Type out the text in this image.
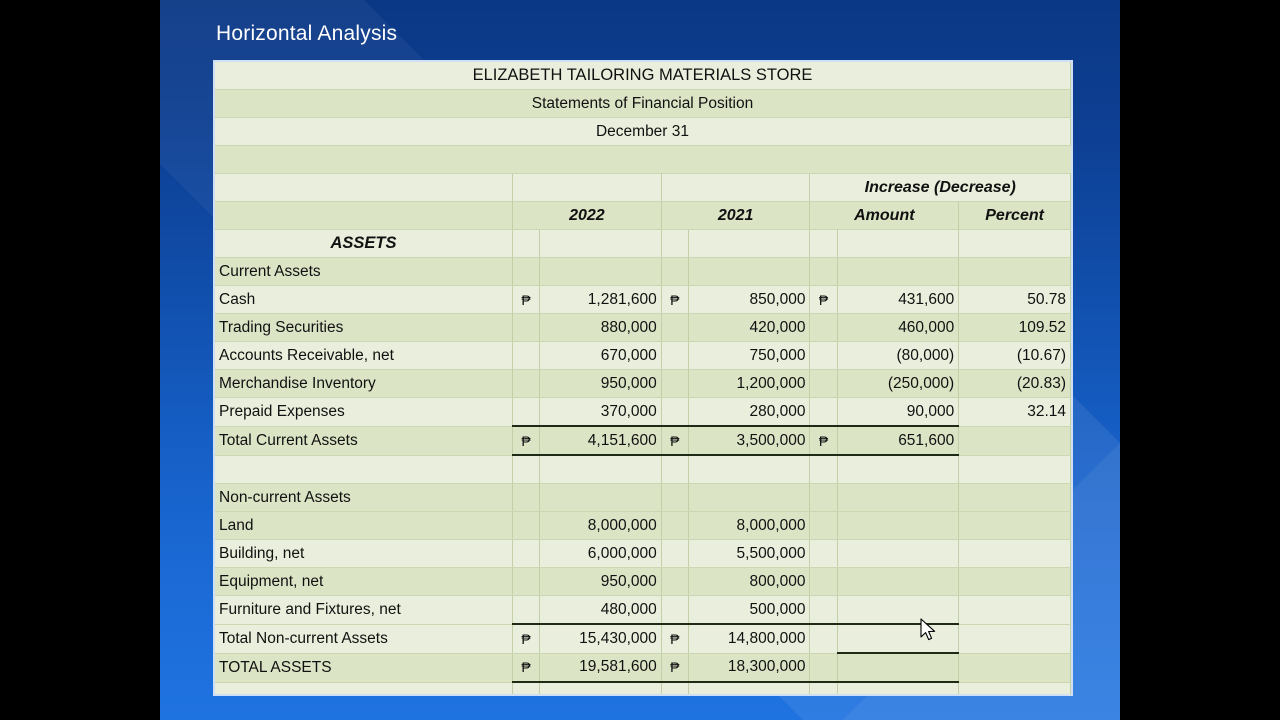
Horizontal Analysis
ELIZABETH TAILORING MATERIALS STORE							
Statements of Financial Position							
December 31							

					Increase (Decrease)		
	2022		2021		Amount		Percent
ASSETS							
Current Assets							
Cash	₱	1,281,600	₱	850,000	₱	431,600	50.78
Trading Securities		880,000		420,000		460,000	109.52
Accounts Receivable, net		670,000		750,000		(80,000)	(10.67)
Merchandise Inventory		950,000		1,200,000		(250,000)	(20.83)
Prepaid Expenses		370,000		280,000		90,000	32.14
Total Current Assets	₱	4,151,600	₱	3,500,000	₱	651,600	

Non-current Assets							
Land		8,000,000		8,000,000			
Building, net		6,000,000		5,500,000			
Equipment, net		950,000		800,000			
Furniture and Fixtures, net		480,000		500,000			
Total Non-current Assets	₱	15,430,000	₱	14,800,000			
TOTAL ASSETS	₱	19,581,600	₱	18,300,000			
